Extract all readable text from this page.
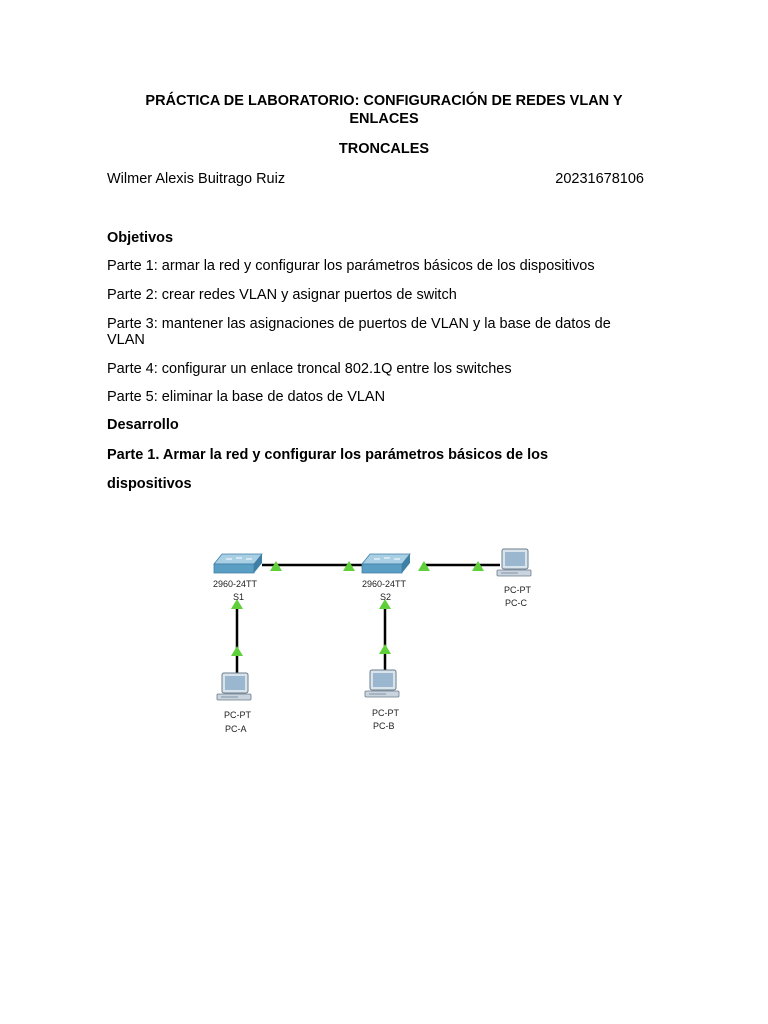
PRÁCTICA DE LABORATORIO: CONFIGURACIÓN DE REDES VLAN Y
ENLACES
TRONCALES
Wilmer Alexis Buitrago Ruiz	20231678106
Objetivos
Parte 1: armar la red y configurar los parámetros básicos de los dispositivos
Parte 2: crear redes VLAN y asignar puertos de switch
Parte 3: mantener las asignaciones de puertos de VLAN y la base de datos de
VLAN
Parte 4: configurar un enlace troncal 802.1Q entre los switches
Parte 5: eliminar la base de datos de VLAN
Desarrollo
Parte 1. Armar la red y configurar los parámetros básicos de los
dispositivos
2960-24TT
S1
2960-24TT
S2
PC-PT
PC-C
PC-PT
PC-A
PC-PT
PC-B
